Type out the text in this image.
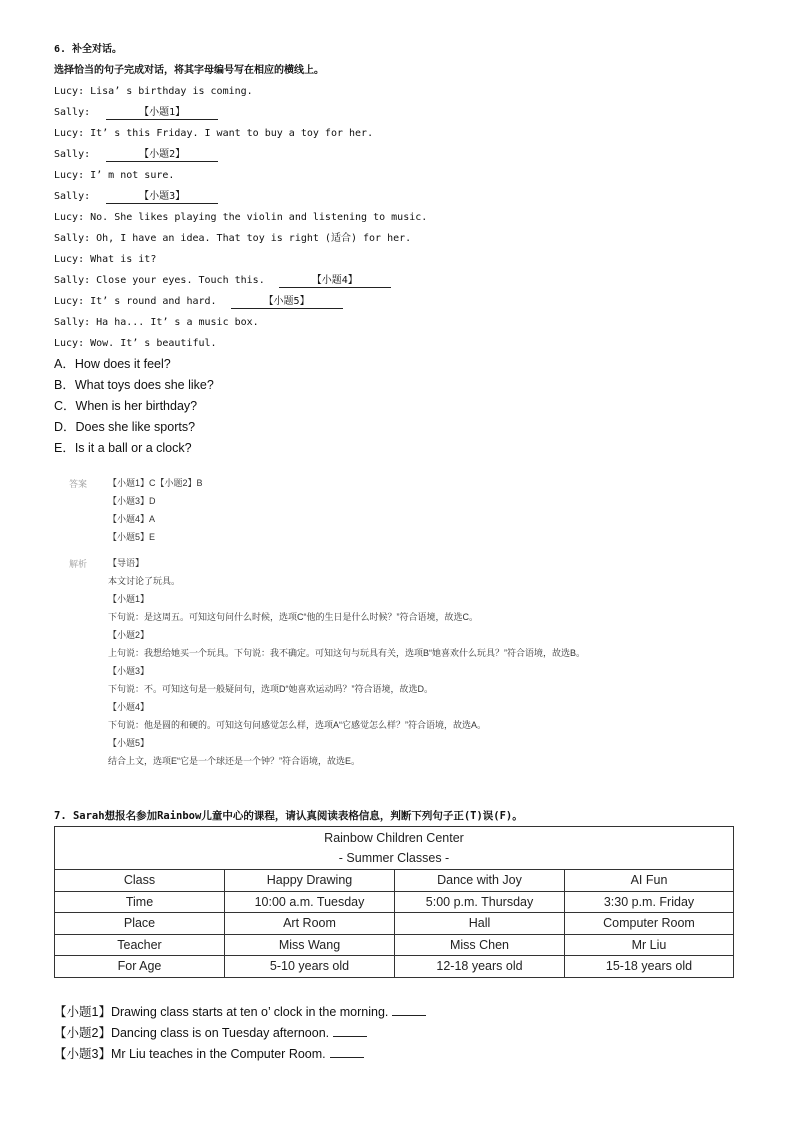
6. 补全对话。
选择恰当的句子完成对话，将其字母编号写在相应的横线上。
Lucy: Lisa’ s birthday is coming.
Sally:	【小题1】
Lucy: It’ s this Friday. I want to buy a toy for her.
Sally:	【小题2】
Lucy: I’ m not sure.
Sally:	【小题3】
Lucy: No. She likes playing the violin and listening to music.
Sally: Oh, I have an idea. That toy is right (适合) for her.
Lucy: What is it?
Sally: Close your eyes. Touch this.	【小题4】
Lucy: It’ s round and hard.	【小题5】
Sally: Ha ha... It’ s a music box.
Lucy: Wow. It’ s beautiful.
A．How does it feel?
B．What toys does she like?
C．When is her birthday?
D．Does she like sports?
E．Is it a ball or a clock?
答案 【小题1】C【小题2】B
【小题3】D
【小题4】A
【小题5】E
解析 【导语】
本文讨论了玩具。
【小题1】
下句说：是这周五。可知这句问什么时候，选项C“他的生日是什么时候？”符合语境，故选C。
【小题2】
上句说：我想给她买一个玩具。下句说：我不确定。可知这句与玩具有关，选项B“她喜欢什么玩具？”符合语境，故选B。
【小题3】
下句说：不。可知这句是一般疑问句，选项D“她喜欢运动吗？”符合语境，故选D。
【小题4】
下句说：他是圆的和硬的。可知这句问感觉怎么样，选项A“它感觉怎么样？”符合语境，故选A。
【小题5】
结合上文，选项E“它是一个球还是一个钟？”符合语境，故选E。
7. Sarah想报名参加Rainbow儿童中心的课程，请认真阅读表格信息，判断下列句子正(T)误(F)。
Rainbow Children Center
- Summer Classes -			

Class	Happy Drawing	Dance with Joy	AI Fun
Time	10:00 a.m. Tuesday	5:00 p.m. Thursday	3:30 p.m. Friday
Place	Art Room	Hall	Computer Room
Teacher	Miss Wang	Miss Chen	Mr Liu
For Age	5-10 years old	12-18 years old	15-18 years old
【小题1】Drawing class starts at ten o’ clock in the morning.
【小题2】Dancing class is on Tuesday afternoon.
【小题3】Mr Liu teaches in the Computer Room.
